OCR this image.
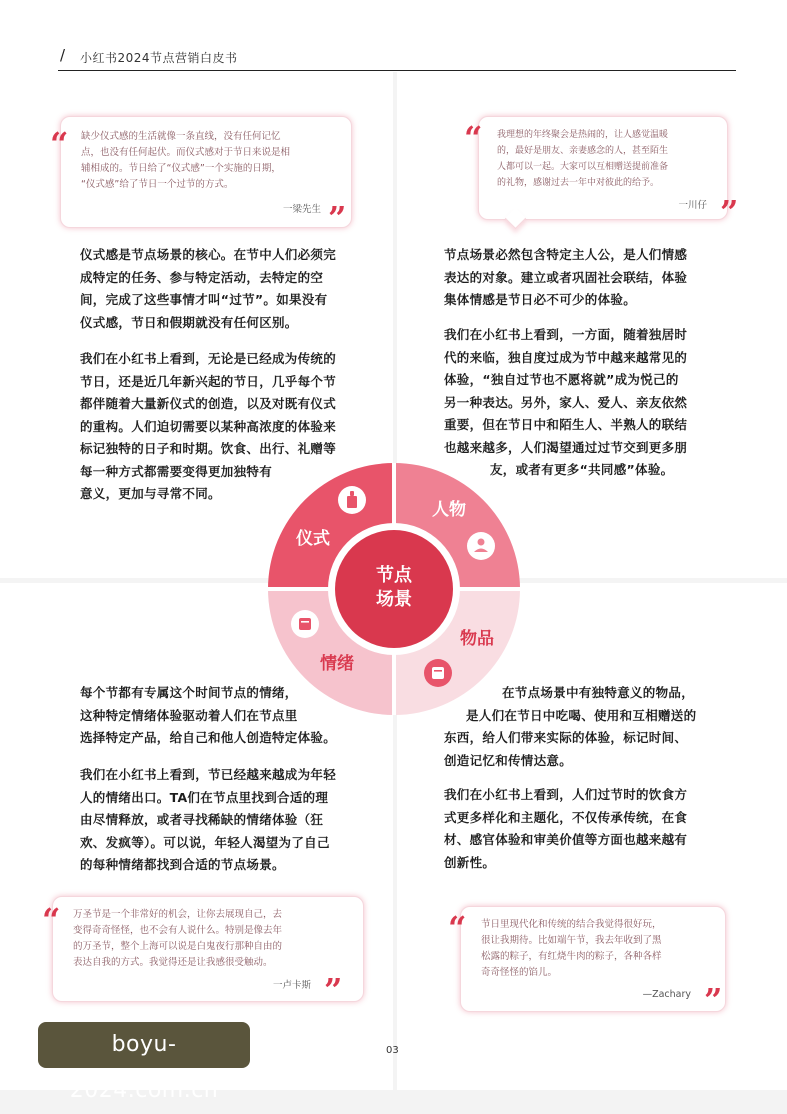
/ 小红书2024节点营销白皮书
缺少仪式感的生活就像一条直线，没有任何记忆
点，也没有任何起伏。而仪式感对于节日来说是相
辅相成的。节日给了“仪式感”一个实施的日期，
“仪式感”给了节日一个过节的方式。
一梁先生
“
”
我理想的年终聚会是热闹的，让人感觉温暖
的，最好是朋友、亲妻感念的人，甚至陌生
人都可以一起。大家可以互相赠送提前准备
的礼物，感谢过去一年中对彼此的给予。
一川仔
“
”
仪式感是节点场景的核心。在节中人们必须完
成特定的任务、参与特定活动，去特定的空
间，完成了这些事情才叫“过节”。如果没有
仪式感，节日和假期就没有任何区别。
我们在小红书上看到，无论是已经成为传统的
节日，还是近几年新兴起的节日，几乎每个节
都伴随着大量新仪式的创造，以及对既有仪式
的重构。人们迫切需要以某种高浓度的体验来
标记独特的日子和时期。饮食、出行、礼赠等
每一种方式都需要变得更加独特有
意义，更加与寻常不同。
节点场景必然包含特定主人公，是人们情感
表达的对象。建立或者巩固社会联结，体验
集体情感是节日必不可少的体验。
我们在小红书上看到，一方面，随着独居时
代的来临，独自度过成为节中越来越常见的
体验，“独自过节也不愿将就”成为悦己的
另一种表达。另外，家人、爱人、亲友依然
重要，但在节日中和陌生人、半熟人的联结
也越来越多，人们渴望通过过节交到更多朋
友，或者有更多“共同感”体验。
节点
场景
仪式
人物
物品
情绪
每个节都有专属这个时间节点的情绪，
这种特定情绪体验驱动着人们在节点里
选择特定产品，给自己和他人创造特定体验。
我们在小红书上看到，节已经越来越成为年轻
人的情绪出口。TA们在节点里找到合适的理
由尽情释放，或者寻找稀缺的情绪体验（狂
欢、发疯等）。可以说，年轻人渴望为了自己
的每种情绪都找到合适的节点场景。
在节点场景中有独特意义的物品，
是人们在节日中吃喝、使用和互相赠送的
东西，给人们带来实际的体验，标记时间、
创造记忆和传情达意。
我们在小红书上看到，人们过节时的饮食方
式更多样化和主题化，不仅传承传统，在食
材、感官体验和审美价值等方面也越来越有
创新性。
万圣节是一个非常好的机会，让你去展现自己，去
变得奇奇怪怪，也不会有人说什么。特别是像去年
的万圣节，整个上海可以说是白鬼夜行那种自由的
表达自我的方式。我觉得还是让我感很受触动。
一卢卡斯
“
”
节日里现代化和传统的结合我觉得很好玩，
很让我期待。比如端午节，我去年收到了黑
松露的粽子，有红烧牛肉的粽子，各种各样
奇奇怪怪的馅儿。
—Zachary
“
”
03
boyu-2024.com.cn
